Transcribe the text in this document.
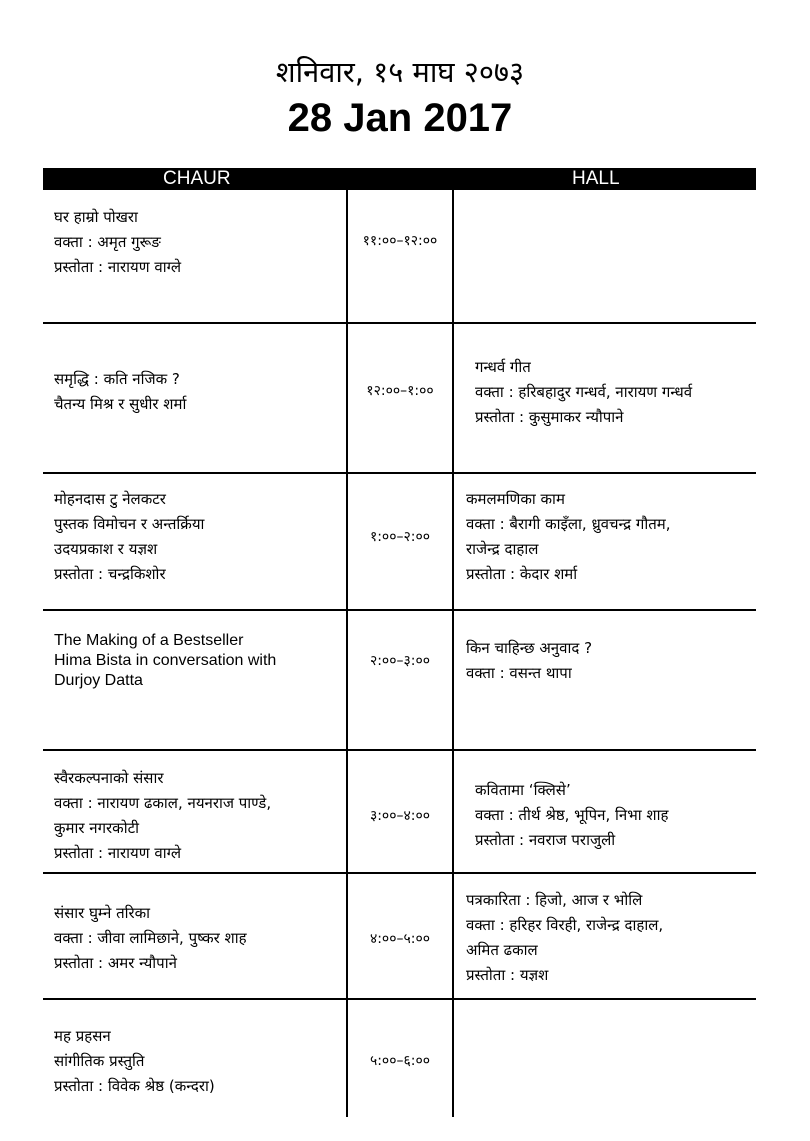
शनिवार, १५ माघ २०७३
28 Jan 2017
CHAUR	HALL
घर हाम्रो पोखरा
वक्ता : अमृत गुरूङ
प्रस्तोता : नारायण वाग्ले
११:००–१२:००
समृद्धि : कति नजिक ?
चैतन्य मिश्र र सुधीर शर्मा
१२:००–१:००
गन्धर्व गीत
वक्ता : हरिबहादुर गन्धर्व, नारायण गन्धर्व
प्रस्तोता : कुसुमाकर न्यौपाने
मोहनदास टु नेलकटर
पुस्तक विमोचन र अन्तर्क्रिया
उदयप्रकाश र यज्ञश
प्रस्तोता : चन्द्रकिशोर
१:००–२:००
कमलमणिका काम
वक्ता : बैरागी काइँला, ध्रुवचन्द्र गौतम,
राजेन्द्र दाहाल
प्रस्तोता : केदार शर्मा
The Making of a Bestseller
Hima Bista in conversation with
Durjoy Datta
२:००–३:००
किन चाहिन्छ अनुवाद ?
वक्ता : वसन्त थापा
स्वैरकल्पनाको संसार
वक्ता : नारायण ढकाल, नयनराज पाण्डे,
कुमार नगरकोटी
प्रस्तोता : नारायण वाग्ले
३:००–४:००
कवितामा ‘क्लिसे’
वक्ता : तीर्थ श्रेष्ठ, भूपिन, निभा शाह
प्रस्तोता : नवराज पराजुली
संसार घुम्ने तरिका
वक्ता : जीवा लामिछाने, पुष्कर शाह
प्रस्तोता : अमर न्यौपाने
४:००–५:००
पत्रकारिता : हिजो, आज र भोलि
वक्ता : हरिहर विरही, राजेन्द्र दाहाल,
अमित ढकाल
प्रस्तोता : यज्ञश
मह प्रहसन
सांगीतिक प्रस्तुति
प्रस्तोता : विवेक श्रेष्ठ (कन्दरा)
५:००–६:००
